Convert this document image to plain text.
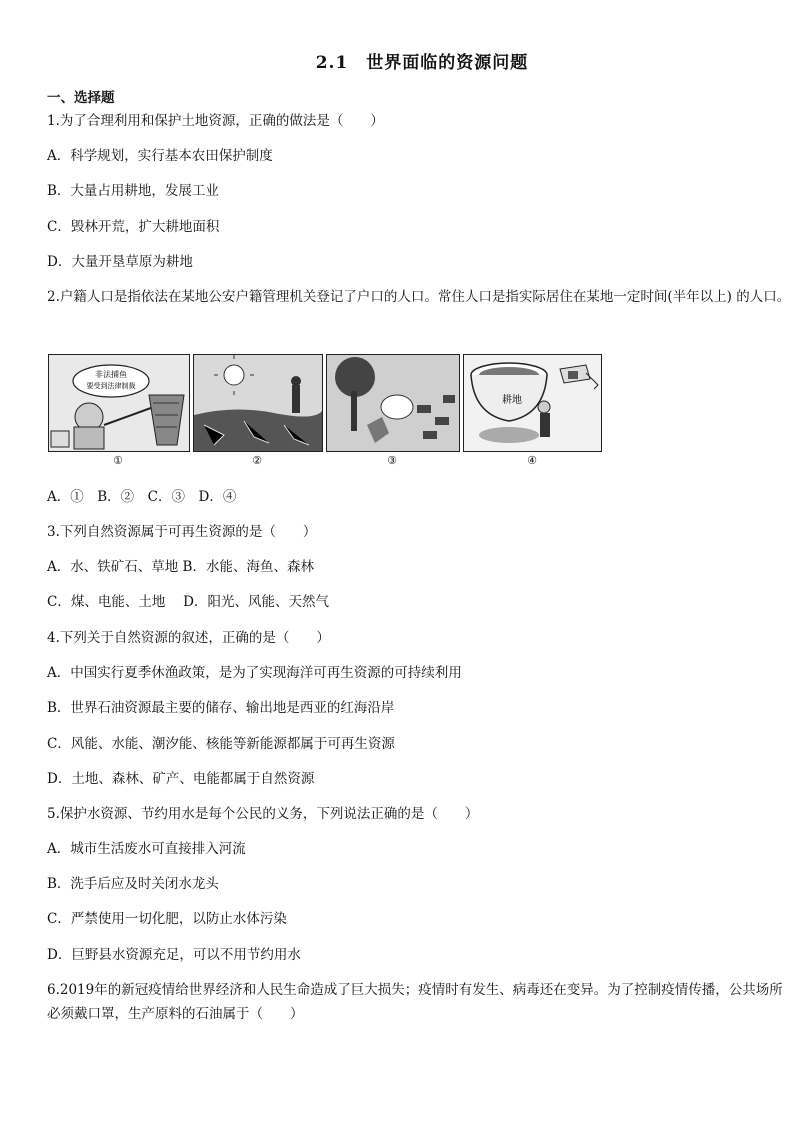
2.1　世界面临的资源问题
一、选择题
1.为了合理利用和保护土地资源，正确的做法是（　　）
A．科学规划，实行基本农田保护制度
B．大量占用耕地，发展工业
C．毁林开荒，扩大耕地面积
D．大量开垦草原为耕地
2.户籍人口是指依法在某地公安户籍管理机关登记了户口的人口。常住人口是指实际居住在某地一定时间(半年以上) 的人口。
非法捕鱼
要受到法律制裁
耕地
①	②	③	④
A．①　B．②　C．③　D．④
3.下列自然资源属于可再生资源的是（　　）
A．水、铁矿石、草地 B．水能、海鱼、森林
C．煤、电能、土地　 D．阳光、风能、天然气
4.下列关于自然资源的叙述，正确的是（　　）
A．中国实行夏季休渔政策，是为了实现海洋可再生资源的可持续利用
B．世界石油资源最主要的储存、输出地是西亚的红海沿岸
C．风能、水能、潮汐能、核能等新能源都属于可再生资源
D．土地、森林、矿产、电能都属于自然资源
5.保护水资源、节约用水是每个公民的义务，下列说法正确的是（　　）
A．城市生活废水可直接排入河流
B．洗手后应及时关闭水龙头
C．严禁使用一切化肥，以防止水体污染
D．巨野县水资源充足，可以不用节约用水
6.2019年的新冠疫情给世界经济和人民生命造成了巨大损失；疫情时有发生、病毒还在变异。为了控制疫情传播，公共场所必须戴口罩，生产原料的石油属于（　　）
